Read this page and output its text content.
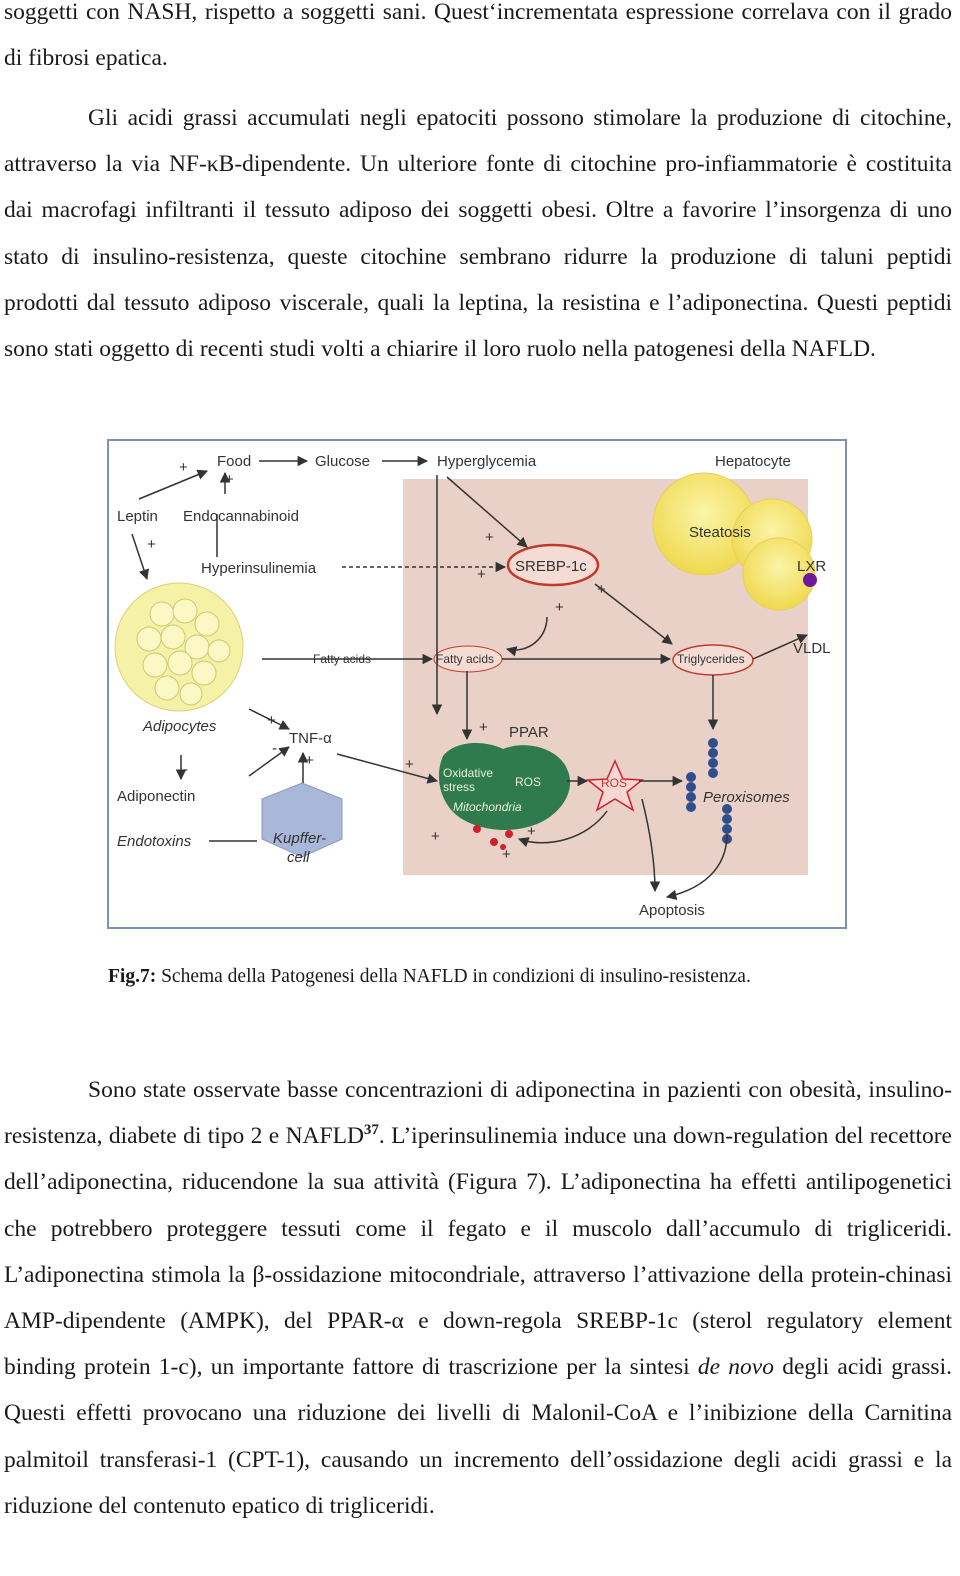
soggetti con NASH, rispetto a soggetti sani. Quest‘incrementata espressione correlava con il grado di fibrosi epatica.

Gli acidi grassi accumulati negli epatociti possono stimolare la produzione di citochine, attraverso la via NF-κB-dipendente. Un ulteriore fonte di citochine pro-infiammatorie è costituita dai macrofagi infiltranti il tessuto adiposo dei soggetti obesi. Oltre a favorire l’insorgenza di uno stato di insulino-resistenza, queste citochine sembrano ridurre la produzione di taluni peptidi prodotti dal tessuto adiposo viscerale, quali la leptina, la resistina e l’adiponectina. Questi peptidi sono stati oggetto di recenti studi volti a chiarire il loro ruolo nella patogenesi della NAFLD.

+
+
+	+
+
+
+
+
+
+
-
+
-
+	+
+
Food	Glucose	Hyperglycemia	Hepatocyte
Leptin Endocannabinoid
Steatosis
Hyperinsulinemia	SREBP-1c	LXR
Fatty acids	Fatty acids	Triglycerides
VLDL
Adipocytes
TNF-α	PPAR
Oxidative
stress	ROS	ROS
Mitochondria
Peroxisomes
Adiponectin
Endotoxins	Kupffer-
cell
Apoptosis
Fig.7: Schema della Patogenesi della NAFLD in condizioni di insulino-resistenza.

Sono state osservate basse concentrazioni di adiponectina in pazienti con obesità, insulino-resistenza, diabete di tipo 2 e NAFLD$^{37}$. L’iperinsulinemia induce una down-regulation del recettore dell’adiponectina, riducendone la sua attività (Figura 7). L’adiponectina ha effetti antilipogenetici che potrebbero proteggere tessuti come il fegato e il muscolo dall’accumulo di trigliceridi. L’adiponectina stimola la β-ossidazione mitocondriale, attraverso l’attivazione della protein-chinasi AMP-dipendente (AMPK), del PPAR-α e down-regola SREBP-1c (sterol regulatory element binding protein 1-c), un importante fattore di trascrizione per la sintesi de novo degli acidi grassi. Questi effetti provocano una riduzione dei livelli di Malonil-CoA e l’inibizione della Carnitina palmitoil transferasi-1 (CPT-1), causando un incremento dell’ossidazione degli acidi grassi e la riduzione del contenuto epatico di trigliceridi.
